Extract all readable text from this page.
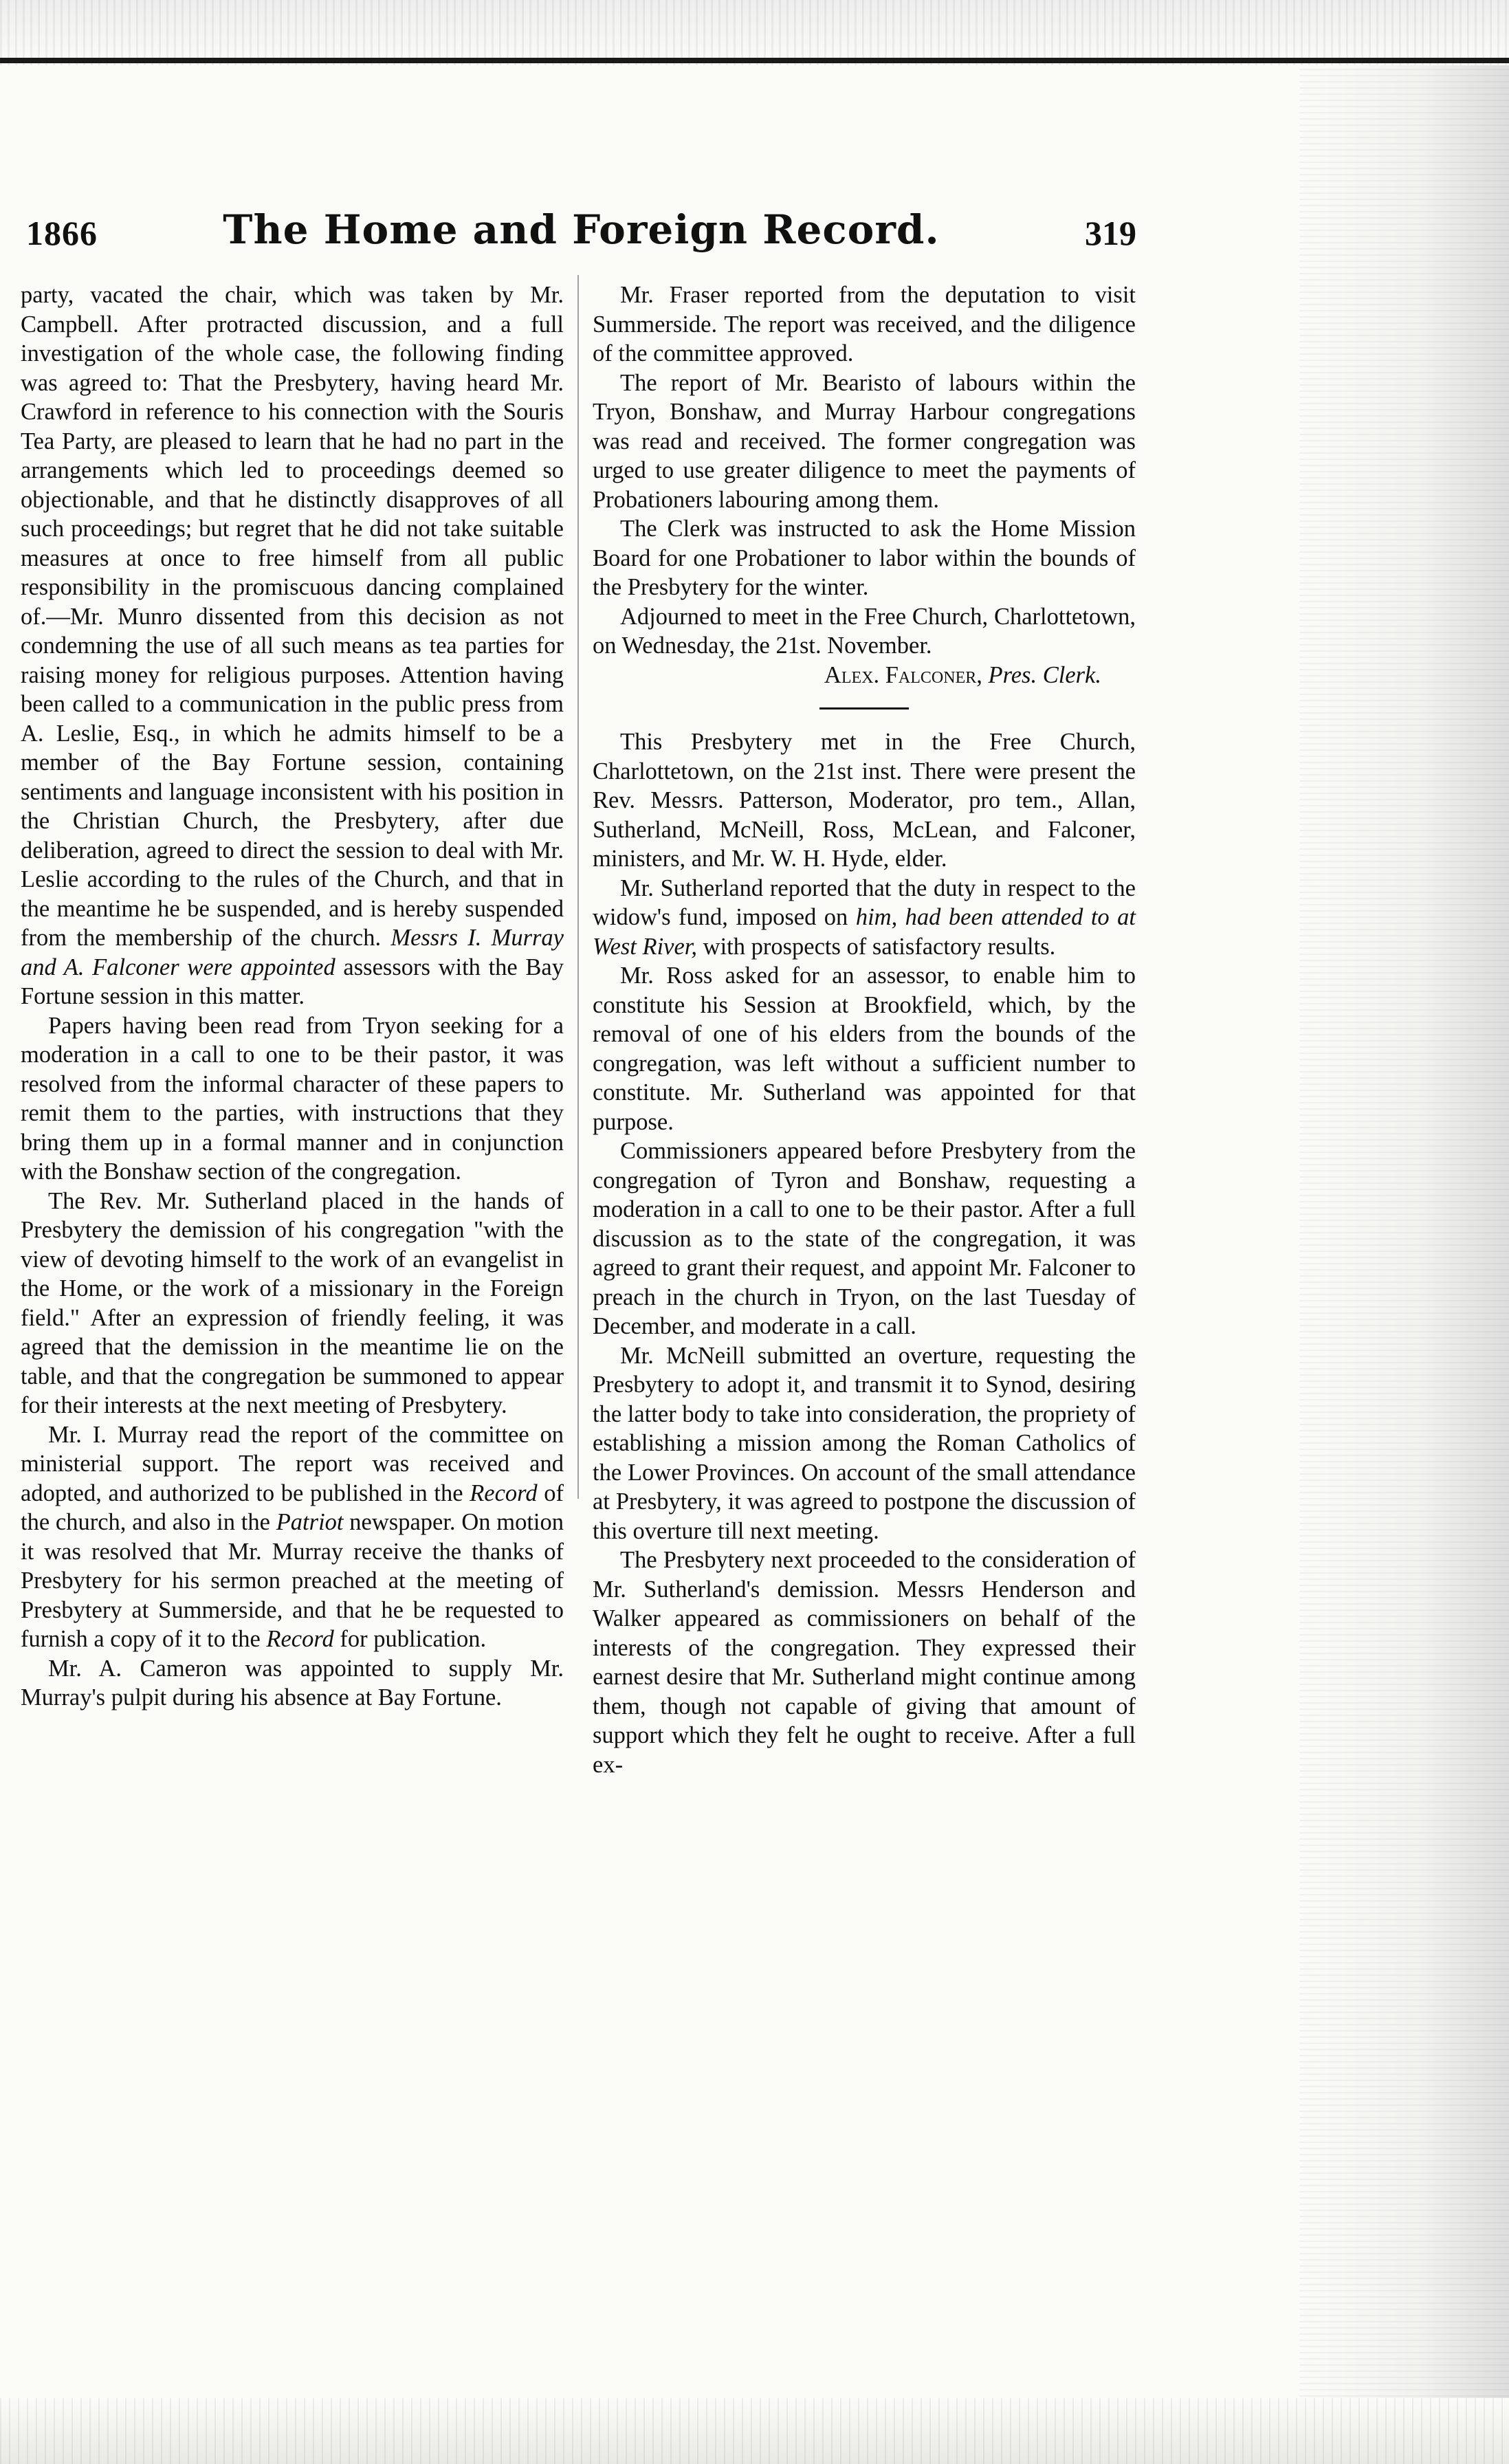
1866	The Home and Foreign Record.	319

party, vacated the chair, which was taken by Mr. Campbell. After protracted discussion, and a full investigation of the whole case, the following finding was agreed to: That the Presbytery, having heard Mr. Crawford in reference to his connection with the Souris Tea Party, are pleased to learn that he had no part in the arrangements which led to proceedings deemed so objectionable, and that he distinctly disapproves of all such proceedings; but regret that he did not take suitable measures at once to free himself from all public responsibility in the promiscuous dancing complained of.—Mr. Munro dissented from this decision as not condemning the use of all such means as tea parties for raising money for religious purposes. Attention having been called to a communication in the public press from A. Leslie, Esq., in which he admits himself to be a member of the Bay Fortune session, containing sentiments and language inconsistent with his position in the Christian Church, the Presbytery, after due deliberation, agreed to direct the session to deal with Mr. Leslie according to the rules of the Church, and that in the meantime he be suspended, and is hereby suspended from the membership of the church. Messrs I. Murray and A. Falconer were appointed assessors with the Bay Fortune session in this matter.

Papers having been read from Tryon seeking for a moderation in a call to one to be their pastor, it was resolved from the informal character of these papers to remit them to the parties, with instructions that they bring them up in a formal manner and in conjunction with the Bonshaw section of the congregation.

The Rev. Mr. Sutherland placed in the hands of Presbytery the demission of his congregation "with the view of devoting himself to the work of an evangelist in the Home, or the work of a missionary in the Foreign field." After an expression of friendly feeling, it was agreed that the demission in the meantime lie on the table, and that the congregation be summoned to appear for their interests at the next meeting of Presbytery.

Mr. I. Murray read the report of the committee on ministerial support. The report was received and adopted, and authorized to be published in the Record of the church, and also in the Patriot newspaper. On motion it was resolved that Mr. Murray receive the thanks of Presbytery for his sermon preached at the meeting of Presbytery at Summerside, and that he be requested to furnish a copy of it to the Record for publication.

Mr. A. Cameron was appointed to supply Mr. Murray's pulpit during his absence at Bay Fortune.

Mr. Fraser reported from the deputation to visit Summerside. The report was received, and the diligence of the committee approved.

The report of Mr. Bearisto of labours within the Tryon, Bonshaw, and Murray Harbour congregations was read and received. The former congregation was urged to use greater diligence to meet the payments of Probationers labouring among them.

The Clerk was instructed to ask the Home Mission Board for one Probationer to labor within the bounds of the Presbytery for the winter.

Adjourned to meet in the Free Church, Charlottetown, on Wednesday, the 21st. November.

Alex. Falconer, Pres. Clerk.

This Presbytery met in the Free Church, Charlottetown, on the 21st inst. There were present the Rev. Messrs. Patterson, Moderator, pro tem., Allan, Sutherland, McNeill, Ross, McLean, and Falconer, ministers, and Mr. W. H. Hyde, elder.

Mr. Sutherland reported that the duty in respect to the widow's fund, imposed on him, had been attended to at West River, with prospects of satisfactory results.

Mr. Ross asked for an assessor, to enable him to constitute his Session at Brookfield, which, by the removal of one of his elders from the bounds of the congregation, was left without a sufficient number to constitute. Mr. Sutherland was appointed for that purpose.

Commissioners appeared before Presbytery from the congregation of Tyron and Bonshaw, requesting a moderation in a call to one to be their pastor. After a full discussion as to the state of the congregation, it was agreed to grant their request, and appoint Mr. Falconer to preach in the church in Tryon, on the last Tuesday of December, and moderate in a call.

Mr. McNeill submitted an overture, requesting the Presbytery to adopt it, and transmit it to Synod, desiring the latter body to take into consideration, the propriety of establishing a mission among the Roman Catholics of the Lower Provinces. On account of the small attendance at Presbytery, it was agreed to postpone the discussion of this overture till next meeting.

The Presbytery next proceeded to the consideration of Mr. Sutherland's demission. Messrs Henderson and Walker appeared as commissioners on behalf of the interests of the congregation. They expressed their earnest desire that Mr. Sutherland might continue among them, though not capable of giving that amount of support which they felt he ought to receive. After a full ex-
